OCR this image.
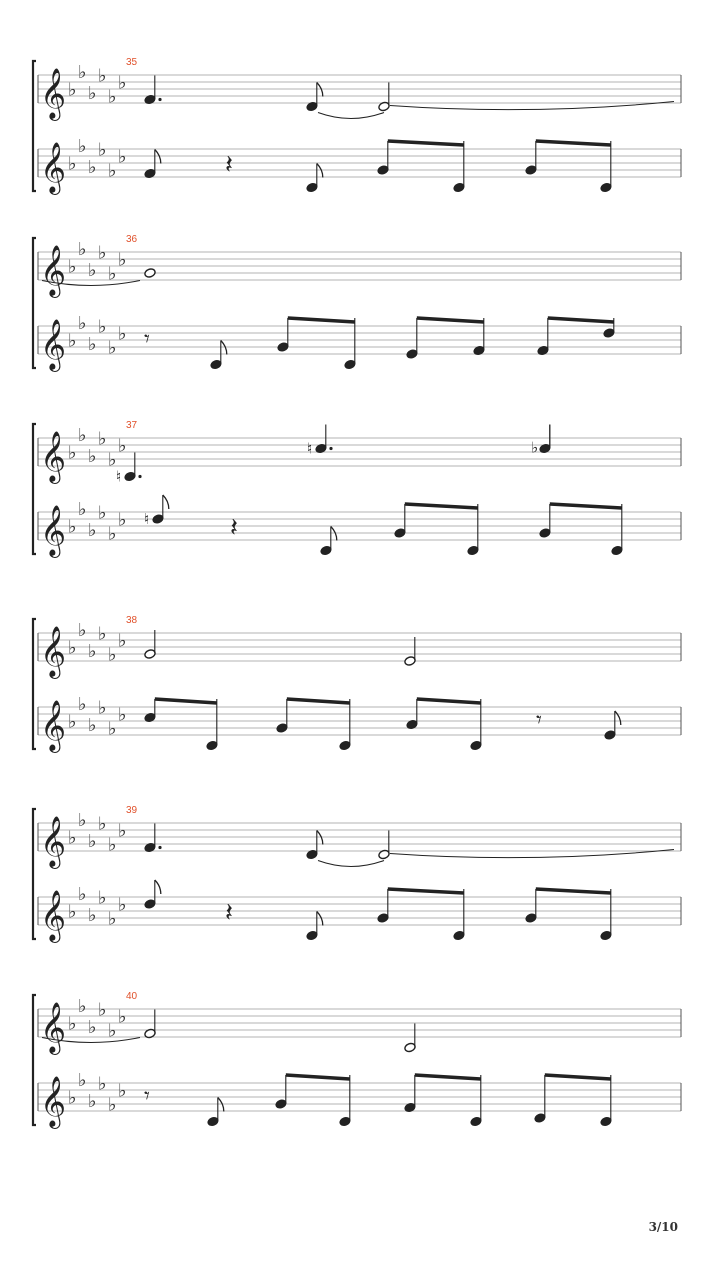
𝄞 ♭
♭
♭
♭
♭
♭
𝄞 ♭
♭
♭
♭
♭
♭
35
𝄽
𝄞 ♭
♭
♭
♭
♭
♭
𝄞 ♭
♭
♭
♭
♭
♭
36
𝄾
𝄞 ♭
♭
♭
♭
♭
♭
𝄞 ♭
♭
♭
♭
♭
♭
37
♮
♮	♭
♮	𝄽
𝄞 ♭
♭
♭
♭
♭
♭
𝄞 ♭
♭
♭
♭
♭
♭
38
𝄾
𝄞 ♭
♭
♭
♭
♭
♭
𝄞 ♭
♭
♭
♭
♭
♭
39
𝄽
𝄞 ♭
♭
♭
♭
♭
♭
𝄞 ♭
♭
♭
♭
♭
♭
40
𝄾
3/10
